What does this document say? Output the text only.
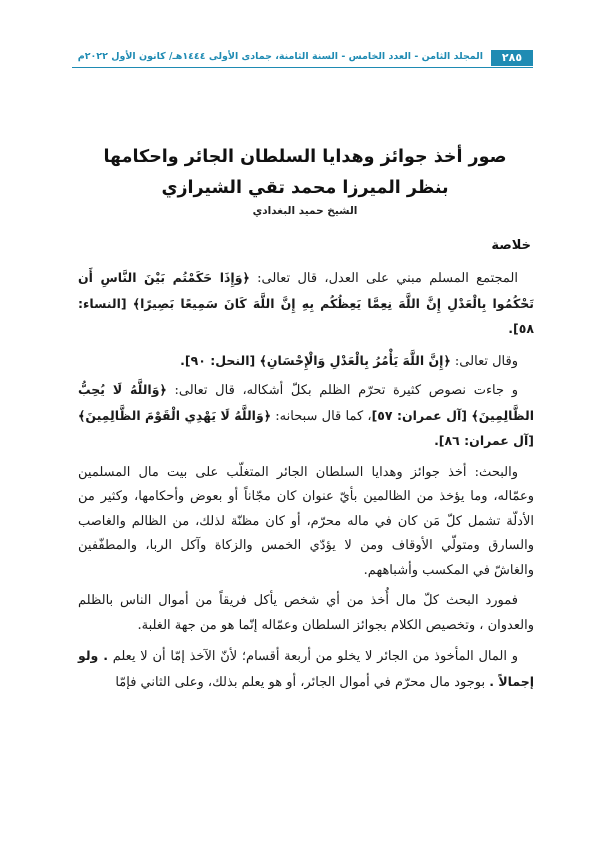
٢٨٥
المجلد الثامن - العدد الخامس - السنة الثامنة، جمادى الأولى ١٤٤٤هـ/ كانون الأول ٢٠٢٢م
صور أخذ جوائز وهدايا السلطان الجائر واحكامها
بنظر الميرزا محمد تقي الشيرازي
الشيخ حميد البغدادي
خلاصة

المجتمع المسلم مبني على العدل، قال تعالى: ﴿وَإِذَا حَكَمْتُم بَيْنَ النَّاسِ أَن تَحْكُمُوا بِالْعَدْلِ إِنَّ اللَّهَ نِعِمَّا يَعِظُكُم بِهِ إِنَّ اللَّهَ كَانَ سَمِيعًا بَصِيرًا﴾ [النساء: ٥٨].

وقال تعالى: ﴿إِنَّ اللَّهَ يَأْمُرُ بِالْعَدْلِ وَالْإِحْسَانِ﴾ [النحل: ٩٠].

و جاءت نصوص كثيرة تحرّم الظلم بكلّ أشكاله، قال تعالى: ﴿وَاللَّهُ لَا يُحِبُّ الظَّالِمِينَ﴾ [آل عمران: ٥٧]، كما قال سبحانه: ﴿وَاللَّهُ لَا يَهْدِي الْقَوْمَ الظَّالِمِينَ﴾ [آل عمران: ٨٦].

والبحث: أخذ جوائز وهدايا السلطان الجائر المتغلّب على بيت مال المسلمين وعمّاله، وما يؤخذ من الظالمين بأيّ عنوان كان مجّاناً أو بعوض وأحكامها، وكثير من الأدلّة تشمل كلّ مَن كان في ماله محرّم، أو كان مظنّة لذلك، من الظالم والغاصب والسارق ومتولّي الأوقاف ومن لا يؤدّي الخمس والزكاة وآكل الربا، والمطفّفين والغاشّ في المكسب وأشباههم.

فمورد البحث كلّ مال أُخذ من أي شخص يأكل فريقاً من أموال الناس بالظلم والعدوان ، وتخصيص الكلام بجوائز السلطان وعمّاله إنّما هو من جهة الغلبة.

و المال المأخوذ من الجائر لا يخلو من أربعة أقسام؛ لأنّ الآخذ إمّا أن لا يعلم . ولو إجمالاً . بوجود مال محرّم في أموال الجائر، أو هو يعلم بذلك، وعلى الثاني فإمّا
